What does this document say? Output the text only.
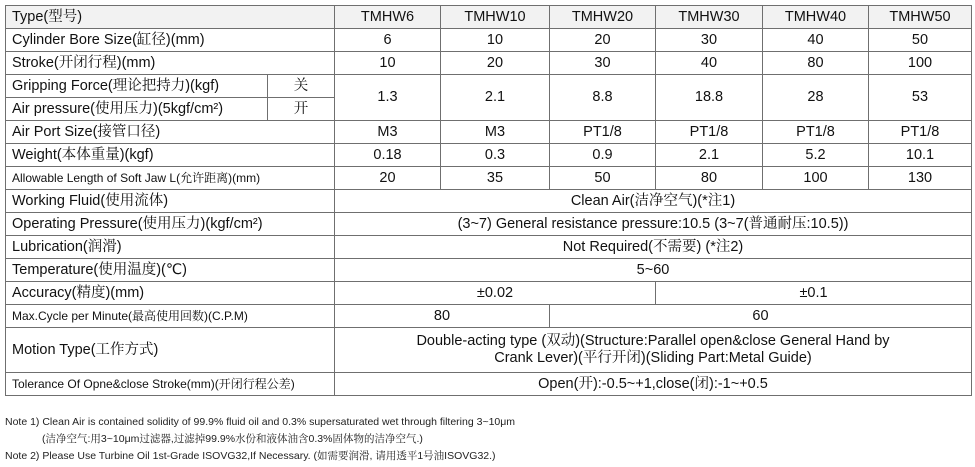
Type(型号)		TMHW6	TMHW10	TMHW20	TMHW30	TMHW40	TMHW50
Cylinder Bore Size(缸径)(mm)		6	10	20	30	40	50
Stroke(开闭行程)(mm)		10	20	30	40	80	100
Gripping Force(理论把持力)(kgf)	关	1.3	2.1	8.8	18.8	28	53
Air pressure(使用压力)(5kgf/cm²)	开						
Air Port Size(接管口径)		M3	M3	PT1/8	PT1/8	PT1/8	PT1/8
Weight(本体重量)(kgf)		0.18	0.3	0.9	2.1	5.2	10.1
Allowable Length of Soft Jaw L(允许距离)(mm)		20	35	50	80	100	130
Working Fluid(使用流体)		Clean Air(洁净空气)(*注1)					
Operating Pressure(使用压力)(kgf/cm²)		(3~7) General resistance pressure:10.5 (3~7(普通耐压:10.5))					
Lubrication(润滑)		Not Required(不需要) (*注2)					
Temperature(使用温度)(℃)		5~60					
Accuracy(精度)(mm)		±0.02			±0.1		
Max.Cycle per Minute(最高使用回数)(C.P.M)		80		60			
Motion Type(工作方式)		Double-acting type (双动)(Structure:Parallel open&close General Hand by
Crank Lever)(平行开闭)(Sliding Part:Metal Guide)					

Tolerance Of Opne&close Stroke(mm)(开闭行程公差)		Open(开):-0.5~+1,close(闭):-1~+0.5					
Note 1) Clean Air is contained solidity of 99.9% fluid oil and 0.3% supersaturated wet through filtering 3~10μm
(洁净空气:用3~10μm过滤器,过滤掉99.9%水份和液体油含0.3%固体物的洁净空气.)
Note 2) Please Use Turbine Oil 1st-Grade ISOVG32,If Necessary. (如需要润滑, 请用透平1号油ISOVG32.)
